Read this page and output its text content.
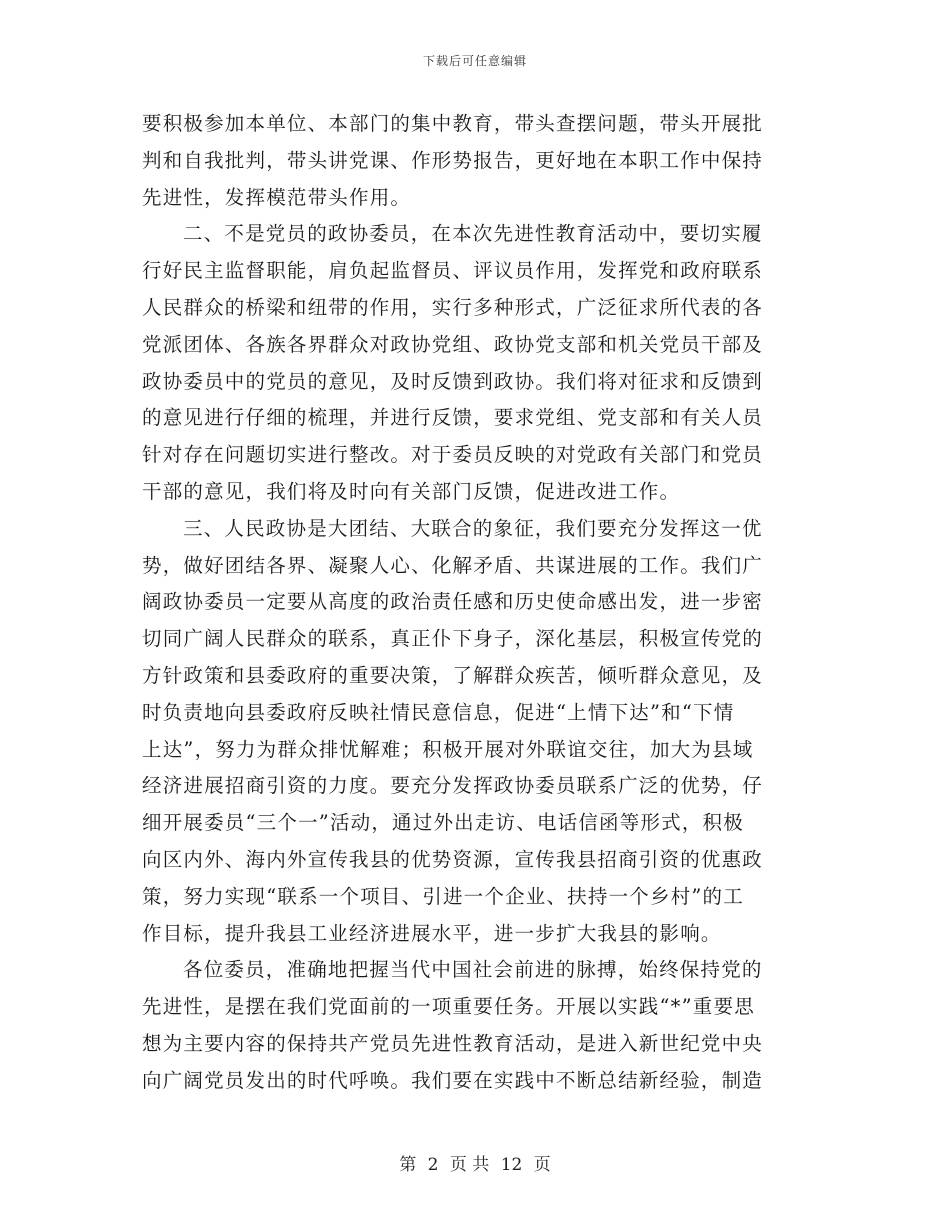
下载后可任意编辑
要积极参加本单位、本部门的集中教育，带头查摆问题，带头开展批
判和自我批判，带头讲党课、作形势报告，更好地在本职工作中保持
先进性，发挥模范带头作用。
二、不是党员的政协委员，在本次先进性教育活动中，要切实履
行好民主监督职能，肩负起监督员、评议员作用，发挥党和政府联系
人民群众的桥梁和纽带的作用，实行多种形式，广泛征求所代表的各
党派团体、各族各界群众对政协党组、政协党支部和机关党员干部及
政协委员中的党员的意见，及时反馈到政协。我们将对征求和反馈到
的意见进行仔细的梳理，并进行反馈，要求党组、党支部和有关人员
针对存在问题切实进行整改。对于委员反映的对党政有关部门和党员
干部的意见，我们将及时向有关部门反馈，促进改进工作。
三、人民政协是大团结、大联合的象征，我们要充分发挥这一优
势，做好团结各界、凝聚人心、化解矛盾、共谋进展的工作。我们广
阔政协委员一定要从高度的政治责任感和历史使命感出发，进一步密
切同广阔人民群众的联系，真正仆下身子，深化基层，积极宣传党的
方针政策和县委政府的重要决策，了解群众疾苦，倾听群众意见，及
时负责地向县委政府反映社情民意信息，促进“上情下达”和“下情
上达”，努力为群众排忧解难；积极开展对外联谊交往，加大为县域
经济进展招商引资的力度。要充分发挥政协委员联系广泛的优势，仔
细开展委员“三个一”活动，通过外出走访、电话信函等形式，积极
向区内外、海内外宣传我县的优势资源，宣传我县招商引资的优惠政
策，努力实现“联系一个项目、引进一个企业、扶持一个乡村”的工
作目标，提升我县工业经济进展水平，进一步扩大我县的影响。
各位委员，准确地把握当代中国社会前进的脉搏，始终保持党的
先进性，是摆在我们党面前的一项重要任务。开展以实践“*”重要思
想为主要内容的保持共产党员先进性教育活动，是进入新世纪党中央
向广阔党员发出的时代呼唤。我们要在实践中不断总结新经验，制造
第 2 页 共 12 页
